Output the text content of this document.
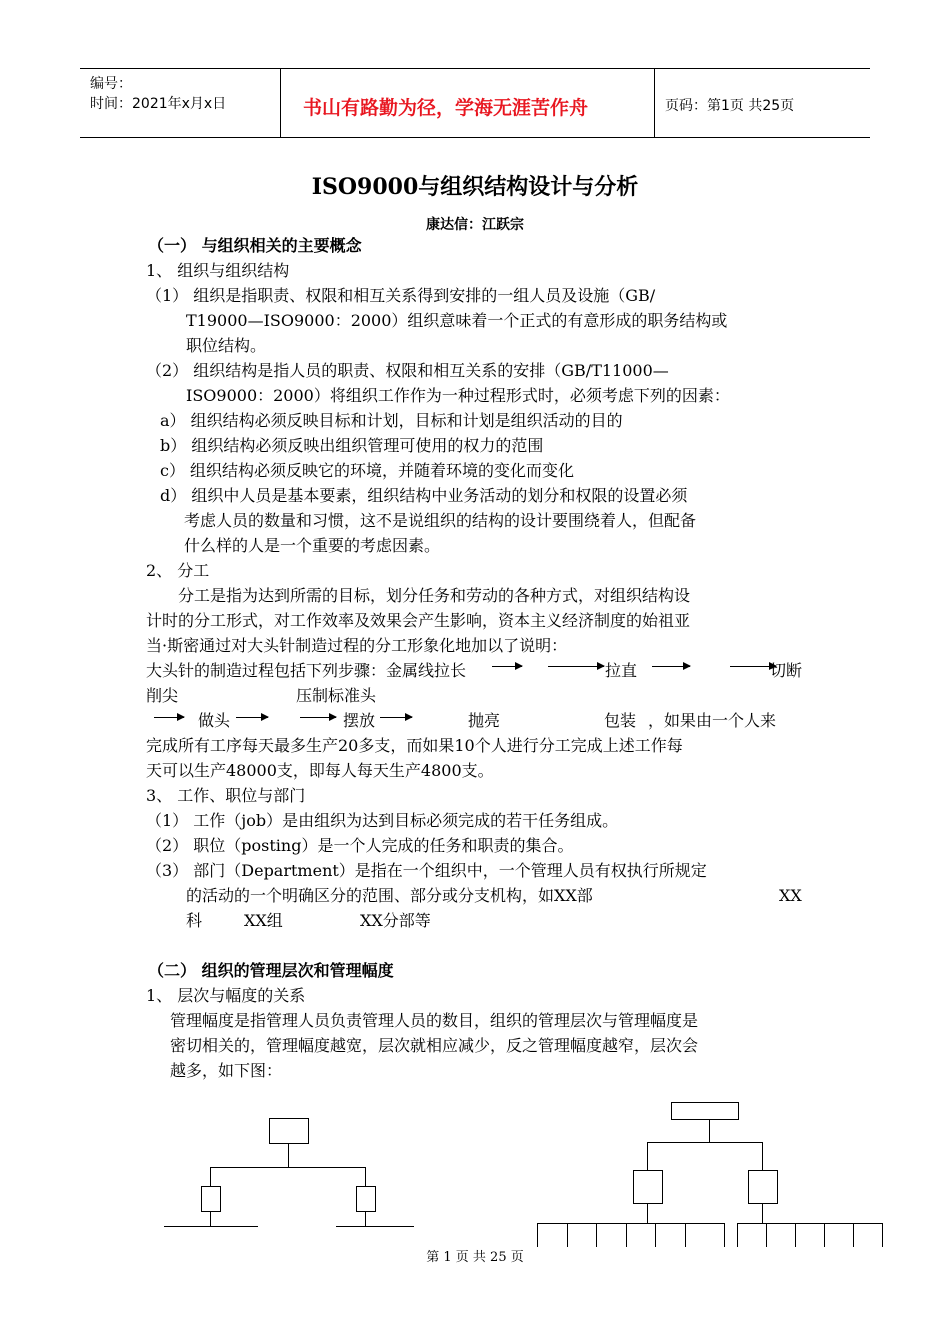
编号：
时间：2021年x月x日	书山有路勤为径，学海无涯苦作舟	页码：第1页 共25页
ISO9000与组织结构设计与分析
康达信：江跃宗
（一） 与组织相关的主要概念
1、 组织与组织结构
（1） 组织是指职责、权限和相互关系得到安排的一组人员及设施（GB/
T19000—ISO9000：2000）组织意味着一个正式的有意形成的职务结构或
职位结构。
（2） 组织结构是指人员的职责、权限和相互关系的安排（GB/T11000—
ISO9000：2000）将组织工作作为一种过程形式时，必须考虑下列的因素：
a） 组织结构必须反映目标和计划，目标和计划是组织活动的目的
b） 组织结构必须反映出组织管理可使用的权力的范围
c） 组织结构必须反映它的环境，并随着环境的变化而变化
d） 组织中人员是基本要素，组织结构中业务活动的划分和权限的设置必须
考虑人员的数量和习惯，这不是说组织的结构的设计要围绕着人，但配备
什么样的人是一个重要的考虑因素。
2、 分工
分工是指为达到所需的目标，划分任务和劳动的各种方式，对组织结构设
计时的分工形式，对工作效率及效果会产生影响，资本主义经济制度的始祖亚
当·斯密通过对大头针制造过程的分工形象化地加以了说明：
大头针的制造过程包括下列步骤：金属线拉长	拉直	切断
削尖	压制标准头
做头	摆放	抛亮	包装 ，如果由一个人来
完成所有工序每天最多生产20多支，而如果10个人进行分工完成上述工作每
天可以生产48000支，即每人每天生产4800支。
3、 工作、职位与部门
（1） 工作（job）是由组织为达到目标必须完成的若干任务组成。
（2） 职位（posting）是一个人完成的任务和职责的集合。
（3） 部门（Department）是指在一个组织中，一个管理人员有权执行所规定
的活动的一个明确区分的范围、部分或分支机构，如XX部	XX
科	XX组	XX分部等
（二） 组织的管理层次和管理幅度
1、 层次与幅度的关系
管理幅度是指管理人员负责管理人员的数目，组织的管理层次与管理幅度是
密切相关的，管理幅度越宽，层次就相应减少，反之管理幅度越窄，层次会
越多，如下图：
第 1 页 共 25 页
